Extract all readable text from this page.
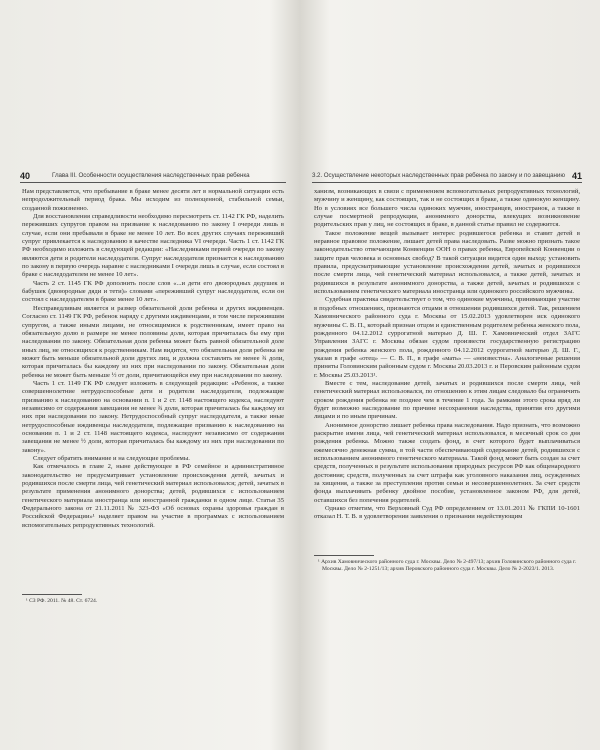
40	Глава III. Особенности осуществления наследственных прав ребенка

Нам представляется, что пребывание в браке менее десяти лет в нормальной ситуации есть непродолжительный период брака. Мы исходим из полноценной, стабильной семьи, созданной пожизненно.

Для восстановления справедливости необходимо пересмотреть ст. 1142 ГК РФ, наделить переживших супругов правом на призвание к наследованию по закону I очереди лишь в случае, если они пребывали в браке не менее 10 лет. Во всех других случаях переживший супруг привлекается к наследованию в качестве наследника VI очереди. Часть 1 ст. 1142 ГК РФ необходимо изложить в следующей редакции: «Наследниками первой очереди по закону являются дети и родители наследодателя. Супруг наследодателя признается к наследованию по закону в первую очередь наравне с наследниками I очереди лишь в случае, если состоял в браке с наследодателем не менее 10 лет».

Часть 2 ст. 1145 ГК РФ дополнить после слов «...и дети его двоюродных дедушек и бабушек (двоюродные дяди и тети)» словами «переживший супруг наследодателя, если он состоял с наследодателем в браке менее 10 лет».

Несправедливым является и размер обязательной доли ребенка и других иждивенцев. Согласно ст. 1149 ГК РФ, ребенок наряду с другими иждивенцами, в том числе пережившим супругом, а также иными лицами, не относящимися к родственникам, имеет право на обязательную долю в размере не менее половины доли, которая причиталась бы ему при наследовании по закону. Обязательная доля ребенка может быть равной обязательной доле иных лиц, не относящихся к родственникам. Нам видится, что обязательная доля ребенка не может быть меньше обязательной доли других лиц, и должна составлять не менее ¾ доли, которая причиталась бы каждому из них при наследовании по закону. Обязательная доля ребенка не может быть меньше ½ от доли, причитающейся ему при наследовании по закону.

Часть 1 ст. 1149 ГК РФ следует изложить в следующей редакции: «Ребенок, а также совершеннолетние нетрудоспособные дети и родители наследодателя, подлежащие призванию к наследованию на основании п. 1 и 2 ст. 1148 настоящего кодекса, наследуют независимо от содержания завещания не менее ¾ доли, которая причиталась бы каждому из них при наследовании по закону. Нетрудоспособный супруг наследодателя, а также иные нетрудоспособные иждивенцы наследодателя, подлежащие призванию к наследованию на основании п. 1 и 2 ст. 1148 настоящего кодекса, наследуют независимо от содержания завещания не менее ½ доли, которая причиталась бы каждому из них при наследовании по закону».

Следует обратить внимание и на следующие проблемы.

Как отмечалось в главе 2, ныне действующее в РФ семейное и административное законодательство не предусматривает установление происхождения детей, зачатых и родившихся после смерти лица, чей генетический материал использовался; детей, зачатых в результате применения анонимного донорства; детей, родившихся с использованием генетического материала иностранца или иностранной гражданки в одном лице. Статья 35 Федерального закона от 21.11.2011 № 323-ФЗ «Об основах охраны здоровья граждан в Российской Федерации»¹ наделяет правом на участие в программах с использованием вспомогательных репродуктивных технологий.

¹ СЗ РФ. 2011. № 48. Ст. 6724.

3.2. Осуществление некоторых наследственных прав ребенка по закону и по завещанию 41

ханизм, возникающих в связи с применением вспомогательных репродуктивных технологий, мужчину и женщину, как состоящих, так и не состоящих в браке, а также одинокую женщину. Но в условиях все большего числа одиноких мужчин, иностранцев, иностранок, а также в случае посмертной репродукции, анонимного донорства, влекущих возникновение родительских прав у лиц, не состоящих в браке, в данной статье правил не содержится.

Такое положение вещей вызывает интерес родившегося ребенка и ставит детей в неравное правовое положение, лишает детей права наследовать. Разве можно признать такое законодательство отвечающим Конвенции ООН о правах ребенка, Европейской Конвенции о защите прав человека и основных свобод? В такой ситуации видится один выход: установить правила, предусматривающие установление происхождения детей, зачатых и родившихся после смерти лица, чей генетический материал использовался, а также детей, зачатых и родившихся в результате анонимного донорства, а также детей, зачатых и родившихся с использованием генетического материала иностранца или одинокого российского мужчины.

Судебная практика свидетельствует о том, что одинокие мужчины, принимающие участие в подобных отношениях, признаются отцами в отношении родившихся детей. Так, решением Хамовнического районного суда г. Москвы от 15.02.2013 удовлетворен иск одинокого мужчины С. В. П., который признан отцом и единственным родителем ребенка женского пола, рожденного 04.12.2012 суррогатной матерью Д. Ш. Г. Хамовнический отдел ЗАГС Управления ЗАГС г. Москвы обязан судом произвести государственную регистрацию рождения ребенка женского пола, рожденного 04.12.2012 суррогатной матерью Д. Ш. Г., указав в графе «отец» — С. В. П., в графе «мать» — «неизвестна». Аналогичные решения приняты Головинским районным судом г. Москвы 20.03.2013 г. и Перовским районным судом г. Москвы 25.03.2013¹.

Вместе с тем, наследование детей, зачатых и родившихся после смерти лица, чей генетический материал использовался, по отношению к этим лицам следовало бы ограничить сроком рождения ребенка не позднее чем в течение 1 года. За рамками этого срока вряд ли будет возможно наследование по причине несохранения наследства, принятия его другими лицами и по иным причинам.

Анонимное донорство лишает ребенка права наследования. Надо признать, что возможно раскрытие имени лица, чей генетический материал использовался, в месячный срок со дня рождения ребенка. Можно также создать фонд, в счет которого будет выплачиваться ежемесячно денежная сумма, в той части обеспечивающий содержание детей, родившихся с использованием анонимного генетического материала. Такой фонд может быть создан за счет средств, полученных в результате использования природных ресурсов РФ как общенародного достояния; средств, полученных за счет штрафа как уголовного наказания лиц, осужденных за хищения, а также за преступления против семьи и несовершеннолетних. За счет средств фонда выплачивать ребенку двойное пособие, установленное законом РФ, для детей, оставшихся без попечения родителей.

Однако отметим, что Верховный Суд РФ определением от 13.01.2011 № ГКПИ 10-1601 отказал Н. Т. В. в удовлетворении заявления о признании недействующим

¹ Архив Хамовнического районного суда г. Москвы. Дело № 2-497/13; архив Головинского районного суда г. Москвы. Дело № 2-1251/13; архив Перовского районного суда г. Москвы. Дело № 2-2023/1. 2013.
